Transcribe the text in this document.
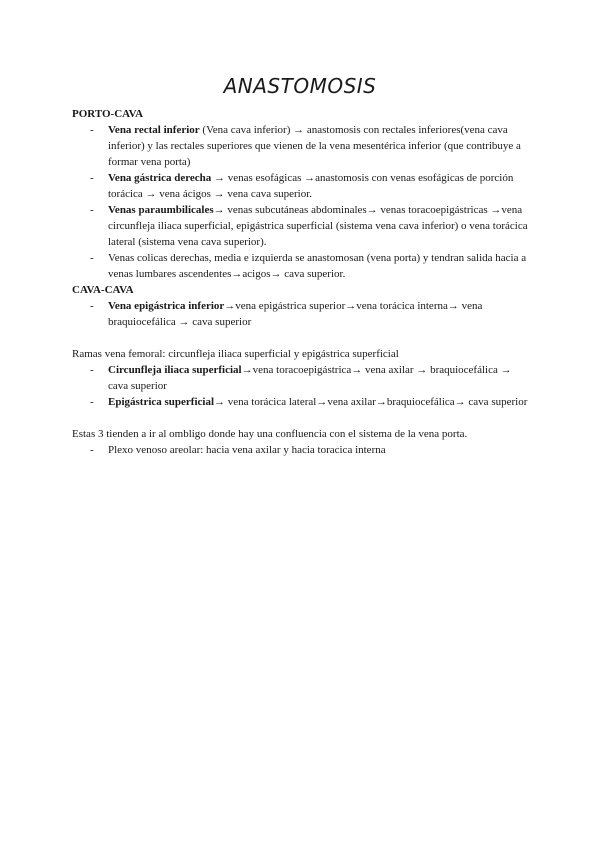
ANASTOMOSIS

PORTO-CAVA

- Vena rectal inferior (Vena cava inferior) → anastomosis con rectales inferiores(vena cava inferior) y las rectales superiores que vienen de la vena mesentérica inferior (que contribuye a formar vena porta)
- Vena gástrica derecha → venas esofágicas →anastomosis con venas esofágicas de porción torácica → vena ácigos → vena cava superior.
- Venas paraumbilicales→ venas subcutáneas abdominales→ venas toracoepigástricas →vena circunfleja iliaca superficial, epigástrica superficial (sistema vena cava inferior) o vena torácica lateral (sistema vena cava superior).
- Venas colicas derechas, media e izquierda se anastomosan (vena porta) y tendran salida hacia a venas lumbares ascendentes→acigos→ cava superior.

CAVA-CAVA

- Vena epigástrica inferior→vena epigástrica superior→vena torácica interna→ vena braquiocefálica → cava superior

Ramas vena femoral: circunfleja iliaca superficial y epigástrica superficial

- Circunfleja iliaca superficial→vena toracoepigástrica→ vena axilar → braquiocefálica → cava superior
- Epigástrica superficial→ vena torácica lateral→vena axilar→braquiocefálica→ cava superior

Estas 3 tienden a ir al ombligo donde hay una confluencia con el sistema de la vena porta.

- Plexo venoso areolar: hacia vena axilar y hacia toracica interna
